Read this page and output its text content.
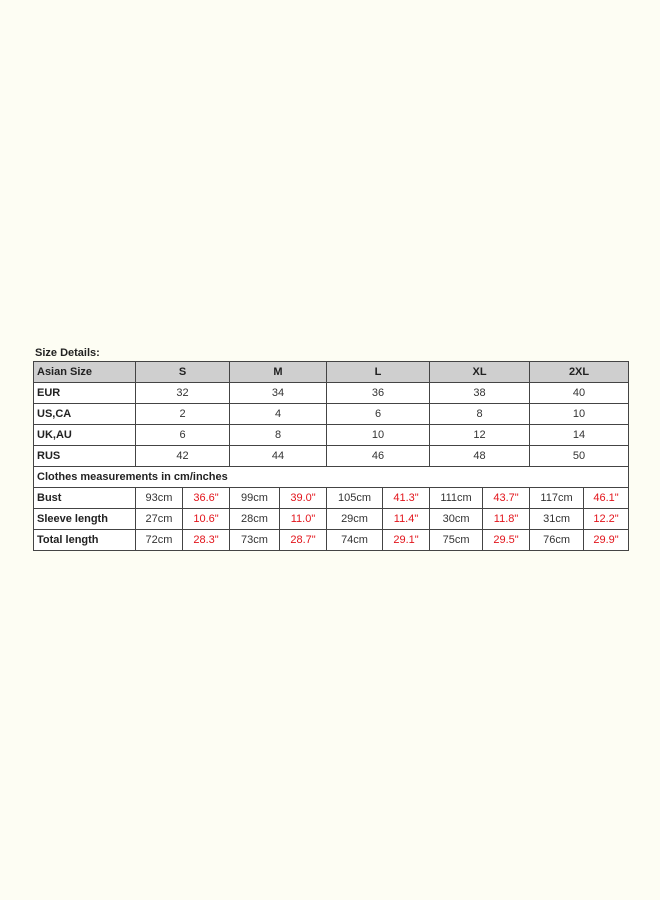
Size Details:
Asian Size	S		M		L		XL		2XL	
EUR	32		34		36		38		40	
US,CA	2		4		6		8		10	
UK,AU	6		8		10		12		14	
RUS	42		44		46		48		50	
Clothes measurements in cm/inches										
Bust	93cm	36.6"	99cm	39.0"	105cm	41.3"	111cm	43.7"	117cm	46.1"
Sleeve length	27cm	10.6"	28cm	11.0"	29cm	11.4"	30cm	11.8"	31cm	12.2"
Total length	72cm	28.3"	73cm	28.7"	74cm	29.1"	75cm	29.5"	76cm	29.9"
